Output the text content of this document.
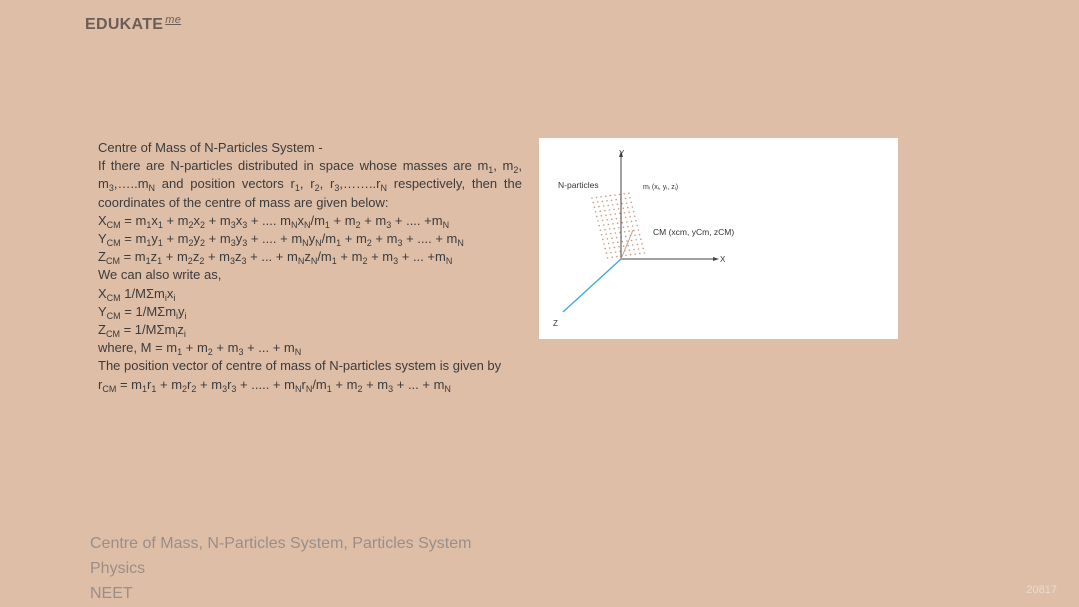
EDUKATE $^{me}$

Centre of Mass of N-Particles System -

If there are N-particles distributed in space whose masses are $m_1$, $m_2$, $m_3,\dots..m_N$ and position vectors $r_1$, $r_2$, $r_3,\dots\dots..r_N$ respectively, then the coordinates of the centre of mass are given below:

$X_{CM} = m_1x_1 + m_2x_2 + m_3x_3$ + .... $m_Nx_N/m_1 + m_2 + m_3$ + .... $+m_N$

$Y_{CM} = m_1y_1 + m_2y_2 + m_3y_3$ + .... + $m_Ny_N/m_1 + m_2 + m_3$ + .... + $m_N$

$Z_{CM} = m_1z_1 + m_2z_2 + m_3z_3$ + ... + $m_Nz_N/m_1 + m_2 + m_3$ + ... $+m_N$

We can also write as,

$X_{CM}$ $1/M\Sigma m_ix_i$

$Y_{CM} = 1/M\Sigma m_iy_i$

$Z_{CM} = 1/M\Sigma m_iz_i$

where, $M = m_1 + m_2 + m_3$ + ... + $m_N$

The position vector of centre of mass of N-particles system is given by

$r_{CM} = m_1r_1 + m_2r_2 + m_3r_3$ + ..... + $m_Nr_N/m_1 + m_2 + m_3$ + ... + $m_N$

Y
X
Z
N-particles	mᵢ (xᵢ, yᵢ, zᵢ)
CM (xcm, yCm, zCM)
Centre of Mass, N-Particles System, Particles System
Physics
NEET	20817
